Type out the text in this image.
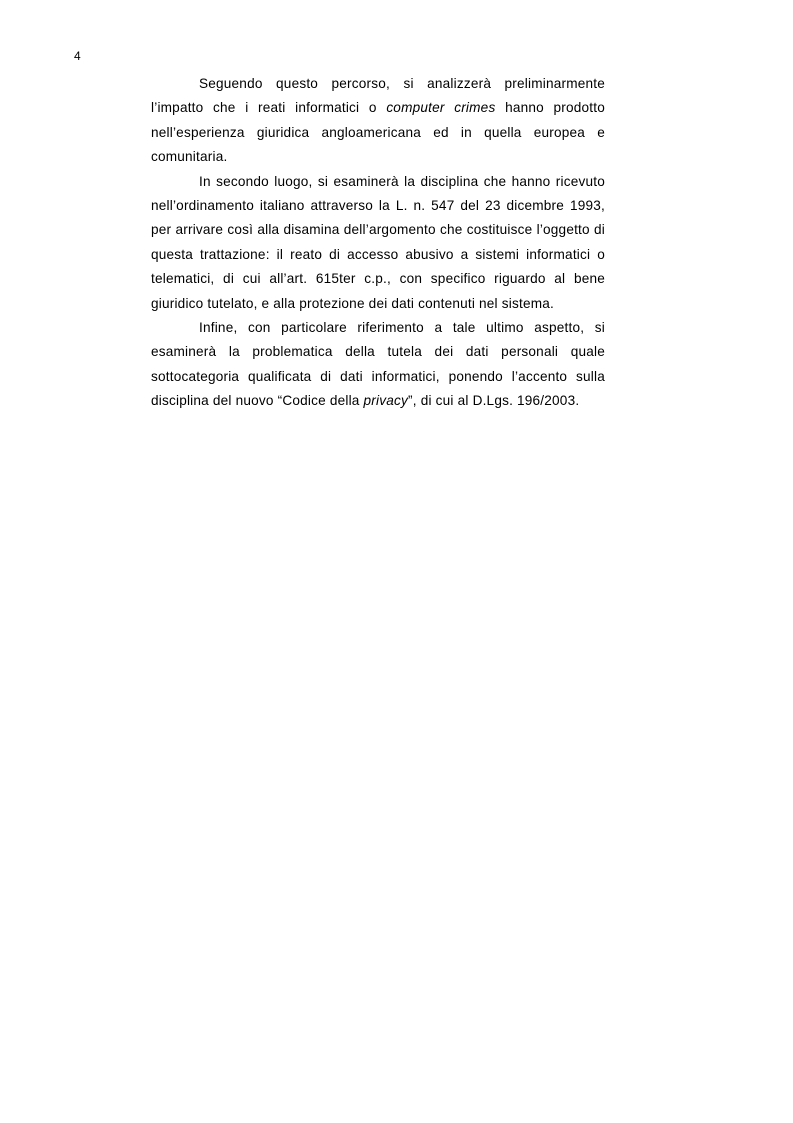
4

Seguendo questo percorso, si analizzerà preliminarmente l’impatto che i reati informatici o computer crimes hanno prodotto nell’esperienza giuridica angloamericana ed in quella europea e comunitaria.

In secondo luogo, si esaminerà la disciplina che hanno ricevuto nell’ordinamento italiano attraverso la L. n. 547 del 23 dicembre 1993, per arrivare così alla disamina dell’argomento che costituisce l’oggetto di questa trattazione: il reato di accesso abusivo a sistemi informatici o telematici, di cui all’art. 615ter c.p., con specifico riguardo al bene giuridico tutelato, e alla protezione dei dati contenuti nel sistema.

Infine, con particolare riferimento a tale ultimo aspetto, si esaminerà la problematica della tutela dei dati personali quale sottocategoria qualificata di dati informatici, ponendo l’accento sulla disciplina del nuovo “Codice della privacy”, di cui al D.Lgs. 196/2003.
